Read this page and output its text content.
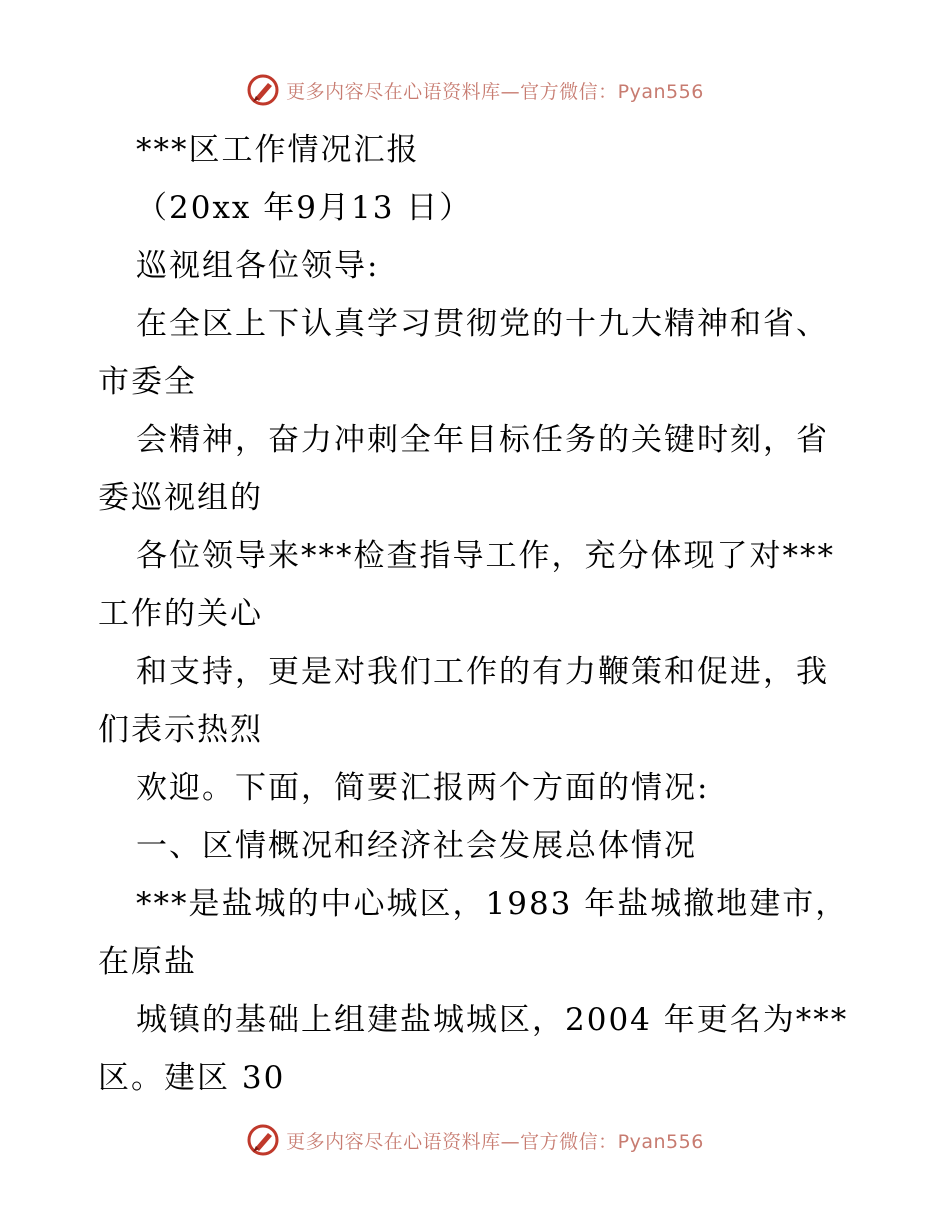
更多内容尽在心语资料库—官方微信：Pyan556
***区工作情况汇报
（20xx 年9月13 日）
巡视组各位领导:
在全区上下认真学习贯彻党的十九大精神和省、
市委全
会精神，奋力冲刺全年目标任务的关键时刻，省
委巡视组的
各位领导来***检查指导工作，充分体现了对***
工作的关心
和支持，更是对我们工作的有力鞭策和促进，我
们表示热烈
欢迎。下面，简要汇报两个方面的情况:
一、区情概况和经济社会发展总体情况
***是盐城的中心城区，1983 年盐城撤地建市，
在原盐
城镇的基础上组建盐城城区，2004 年更名为***
区。建区 30
更多内容尽在心语资料库—官方微信：Pyan556
